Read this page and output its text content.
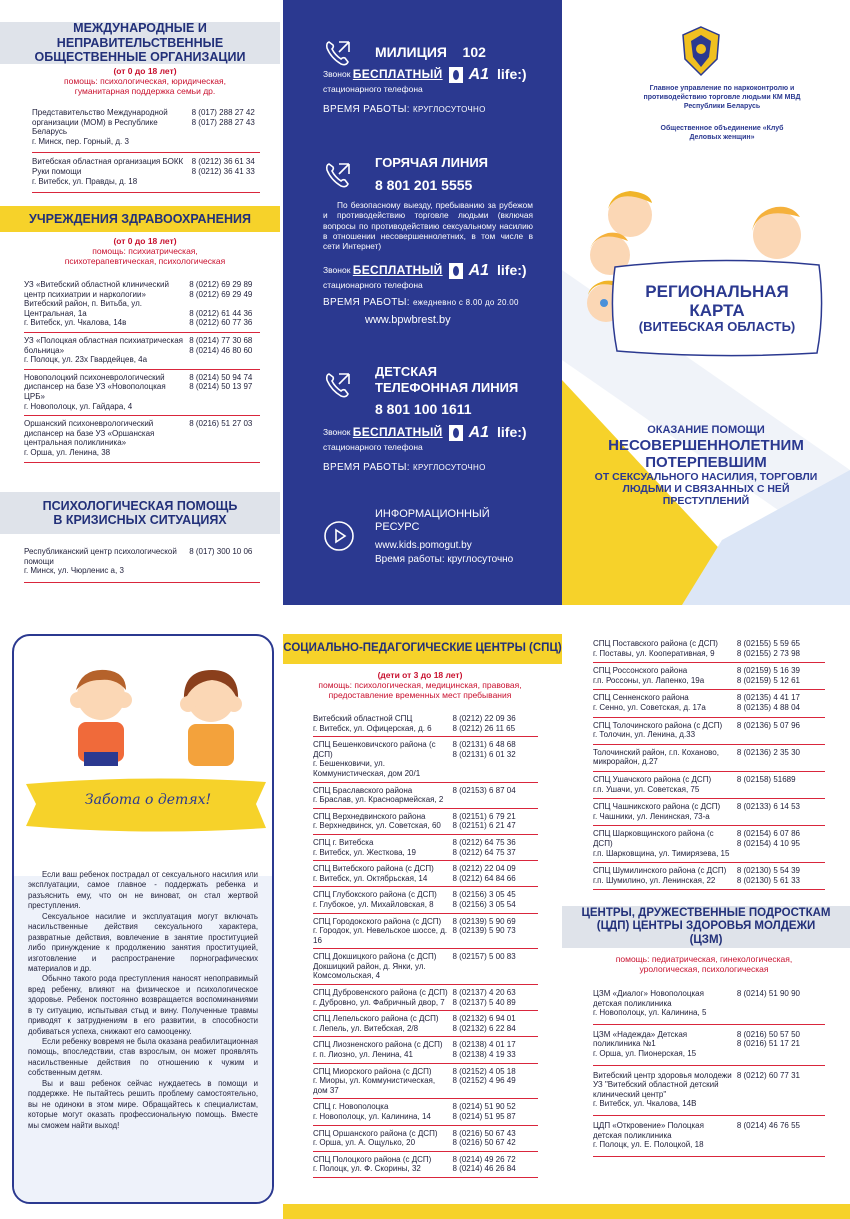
МЕЖДУНАРОДНЫЕ И НЕПРАВИТЕЛЬСТВЕННЫЕ ОБЩЕСТВЕННЫЕ ОРГАНИЗАЦИИ
(от 0 до 18 лет)
помощь: психологическая, юридическая, гуманитарная поддержка семьи др.
Представительство Международной организации (МОМ) в Республике Беларусь
г. Минск, пер. Горный, д. 3
8 (017) 288 27 42
8 (017) 288 27 43
Витебская областная организация БОКК Руки помощи
г. Витебск, ул. Правды, д. 18
8 (0212) 36 61 34
8 (0212) 36 41 33
УЧРЕЖДЕНИЯ ЗДРАВООХРАНЕНИЯ
(от 0 до 18 лет)
помощь: психиатрическая, психотерапевтическая, психологическая
УЗ «Витебский областной клинический центр психиатрии и наркологии» Витебский район, п. Витьба, ул. Центральная, 1а
г. Витебск, ул. Чкалова, 14в
8 (0212) 69 29 89
8 (0212) 69 29 49

8 (0212) 61 44 36
8 (0212) 60 77 36
УЗ «Полоцкая областная психиатрическая больница»
г. Полоцк, ул. 23х Гвардейцев, 4а
8 (0214) 77 30 68
8 (0214) 46 80 60
Новополоцкий психоневрологический диспансер на базе УЗ «Новополоцкая ЦРБ»
г. Новополоцк, ул. Гайдара, 4
8 (0214) 50 94 74
8 (0214) 50 13 97
Оршанский психоневрологический диспансер на базе УЗ «Оршанская центральная поликлиника»
г. Орша, ул. Ленина, 38
8 (0216) 51 27 03
ПСИХОЛОГИЧЕСКАЯ ПОМОЩЬ В КРИЗИСНЫХ СИТУАЦИЯХ
Республиканский центр психологической помощи
г. Минск, ул. Чюрленис а, 3
8 (017) 300 10 06
МИЛИЦИЯ 102
Звонок
БЕСПЛАТНЫЙ A1 life:)
стационарного телефона
ВРЕМЯ РАБОТЫ: КРУГЛОСУТОЧНО
ГОРЯЧАЯ ЛИНИЯ
8 801 201 5555
По безопасному выезду, пребыванию за рубежом и противодействию торговле людьми (включая вопросы по противодействию сексуальному насилию в отношении несовершеннолетних, в том числе в сети Интернет)
Звонок
БЕСПЛАТНЫЙ A1 life:)
стационарного телефона
ВРЕМЯ РАБОТЫ: ежедневно с 8.00 до 20.00
www.bpwbrest.by
ДЕТСКАЯ
ТЕЛЕФОННАЯ ЛИНИЯ
8 801 100 1611
Звонок
БЕСПЛАТНЫЙ A1 life:)
стационарного телефона
ВРЕМЯ РАБОТЫ: КРУГЛОСУТОЧНО
ИНФОРМАЦИОННЫЙ
РЕСУРС
www.kids.pomogut.by
Время работы: круглосуточно
Главное управление по наркоконтролю и противодействию торговле людьми КМ МВД Республики Беларусь
Общественное объединение «Клуб Деловых женщин»
РЕГИОНАЛЬНАЯ
КАРТА
(ВИТЕБСКАЯ ОБЛАСТЬ)
ОКАЗАНИЕ ПОМОЩИ
НЕСОВЕРШЕННОЛЕТНИМ
ПОТЕРПЕВШИМ
ОТ СЕКСУАЛЬНОГО НАСИЛИЯ, ТОРГОВЛИ ЛЮДЬМИ И СВЯЗАННЫХ С НЕЙ ПРЕСТУПЛЕНИЙ
Забота о детях!

Если ваш ребенок пострадал от сексуального насилия или эксплуатации, самое главное - поддержать ребенка и разъяснить ему, что он не виноват, он стал жертвой преступления.

Сексуальное насилие и эксплуатация могут включать насильственные действия сексуального характера, развратные действия, вовлечение в занятие проституцией либо принуждение к продолжению занятия проституцией, изготовление и распространение порнографических материалов и др.

Обычно такого рода преступления наносят непоправимый вред ребенку, влияют на физическое и психологическое здоровье. Ребенок постоянно возвращается воспоминаниями в ту ситуацию, испытывая стыд и вину. Полученные травмы приводят к затруднениям в его развитии, в способности добиваться успеха, снижают его самооценку.

Если ребенку вовремя не была оказана реабилитационная помощь, впоследствии, став взрослым, он может проявлять насильственные действия по отношению к чужим и собственным детям.

Вы и ваш ребенок сейчас нуждаетесь в помощи и поддержке. Не пытайтесь решить проблему самостоятельно, вы не одиноки в этом мире. Обращайтесь к специалистам, которые могут оказать профессиональную помощь. Вместе мы сможем найти выход!

СОЦИАЛЬНО-ПЕДАГОГИЧЕСКИЕ ЦЕНТРЫ (СПЦ)
(дети от 3 до 18 лет)
помощь: психологическая, медицинская, правовая, предоставление временных мест пребывания
Витебский областной СПЦ
г. Витебск, ул. Офицерская, д. 6
8 (0212) 22 09 36
8 (0212) 26 11 65
СПЦ Бешенковичского района (с ДСП)
г. Бешенковичи, ул. Коммунистическая, дом 20/1
8 (02131) 6 48 68
8 (02131) 6 01 32
СПЦ Браславского района
г. Браслав, ул. Красноармейская, 2
8 (02153) 6 87 04
СПЦ Верхнедвинского района
г. Верхнедвинск, ул. Советская, 60
8 (02151) 6 79 21
8 (02151) 6 21 47
СПЦ г. Витебска
г. Витебск, ул. Жесткова, 19
8 (0212) 64 75 36
8 (0212) 64 75 37
СПЦ Витебского района (с ДСП)
г. Витебск, ул. Октябрьская, 14
8 (0212) 22 04 09
8 (0212) 64 84 66
СПЦ Глубокского района (с ДСП)
г. Глубокое, ул. Михайловская, 8
8 (02156) 3 05 45
8 (02156) 3 05 54
СПЦ Городокского района (с ДСП)
г. Городок, ул. Невельское шоссе, д. 16
8 (02139) 5 90 69
8 (02139) 5 90 73
СПЦ Докшицкого района (с ДСП)
Докшицкий район, д. Янки, ул. Комсомольская, 4
8 (02157) 5 00 83
СПЦ Дубровенского района (с ДСП)
г. Дубровно, ул. Фабричный двор, 7
8 (02137) 4 20 63
8 (02137) 5 40 89
СПЦ Лепельского района (с ДСП)
г. Лепель, ул. Витебская, 2/8
8 (02132) 6 94 01
8 (02132) 6 22 84
СПЦ Лиозненского района (с ДСП)
г. п. Лиозно, ул. Ленина, 41
8 (02138) 4 01 17
8 (02138) 4 19 33
СПЦ Миорского района (с ДСП)
г. Миоры, ул. Коммунистическая, дом 37
8 (02152) 4 05 18
8 (02152) 4 96 49
СПЦ г. Новополоцка
г. Новополоцк, ул. Калинина, 14
8 (0214) 51 90 52
8 (0214) 51 95 87
СПЦ Оршанского района (с ДСП)
г. Орша, ул. А. Ощулько, 20
8 (0216) 50 67 43
8 (0216) 50 67 42
СПЦ Полоцкого района (с ДСП)
г. Полоцк, ул. Ф. Скорины, 32
8 (0214) 49 26 72
8 (0214) 46 26 84
СПЦ Поставского района (с ДСП)
г. Поставы, ул. Кооперативная, 9
8 (02155) 5 59 65
8 (02155) 2 73 98
СПЦ Россонского района
г.п. Россоны, ул. Лапенко, 19а
8 (02159) 5 16 39
8 (02159) 5 12 61
СПЦ Сенненского района
г. Сенно, ул. Советская, д. 17а
8 (02135) 4 41 17
8 (02135) 4 88 04
СПЦ Толочинского района (с ДСП)
г. Толочин, ул. Ленина, д.33
8 (02136) 5 07 96
Толочинский район, г.п. Коханово, микрорайон, д.27
8 (02136) 2 35 30
СПЦ Ушачского района (с ДСП)
г.п. Ушачи, ул. Советская, 75
8 (02158) 51689
СПЦ Чашникского района (с ДСП)
г. Чашники, ул. Ленинская, 73-а
8 (02133) 6 14 53
СПЦ Шарковщинского района (с ДСП)
г.п. Шарковщина, ул. Тимирязева, 15
8 (02154) 6 07 86
8 (02154) 4 10 95
СПЦ Шумилинского района (с ДСП)
г.п. Шумилино, ул. Ленинская, 22
8 (02130) 5 54 39
8 (02130) 5 61 33
ЦЕНТРЫ, ДРУЖЕСТВЕННЫЕ ПОДРОСТКАМ (ЦДП) ЦЕНТРЫ ЗДОРОВЬЯ МОЛДЕЖИ (ЦЗМ)
помощь: педиатрическая, гинекологическая, урологическая, психологическая
ЦЗМ «Диалог» Новополоцкая детская поликлиника
г. Новополоцк, ул. Калинина, 5
8 (0214) 51 90 90
ЦЗМ «Надежда» Детская поликлиника №1
г. Орша, ул. Пионерская, 15
8 (0216) 50 57 50
8 (0216) 51 17 21
Витебский центр здоровья молодежи УЗ "Витебский областной детский клинический центр"
г. Витебск, ул. Чкалова, 14В
8 (0212) 60 77 31
ЦДП «Откровение» Полоцкая детская поликлиника
г. Полоцк, ул. Е. Полоцкой, 18
8 (0214) 46 76 55
